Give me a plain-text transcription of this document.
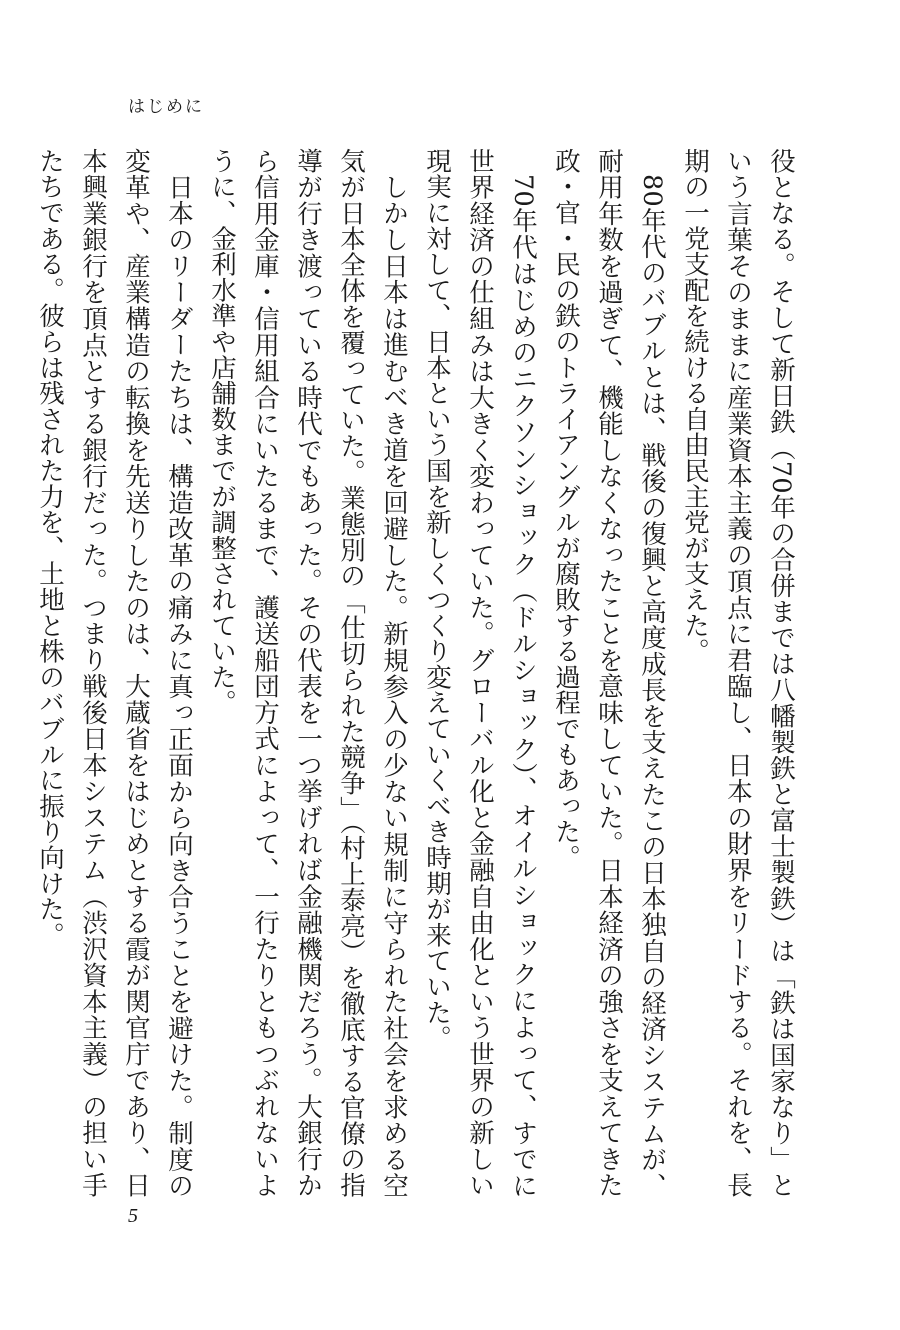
はじめに

役となる。そして新日鉄（70年の合併までは八幡製鉄と富士製鉄）は「鉄は国家なり」という言葉そのままに産業資本主義の頂点に君臨し、日本の財界をリードする。それを、長期の一党支配を続ける自由民主党が支えた。

80年代のバブルとは、戦後の復興と高度成長を支えたこの日本独自の経済システムが、耐用年数を過ぎて、機能しなくなったことを意味していた。日本経済の強さを支えてきた政・官・民の鉄のトライアングルが腐敗する過程でもあった。

70年代はじめのニクソンショック（ドルショック）、オイルショックによって、すでに世界経済の仕組みは大きく変わっていた。グローバル化と金融自由化という世界の新しい現実に対して、日本という国を新しくつくり変えていくべき時期が来ていた。

しかし日本は進むべき道を回避した。新規参入の少ない規制に守られた社会を求める空気が日本全体を覆っていた。業態別の「仕切られた競争」（村上泰亮）を徹底する官僚の指導が行き渡っている時代でもあった。その代表を一つ挙げれば金融機関だろう。大銀行から信用金庫・信用組合にいたるまで、護送船団方式によって、一行たりともつぶれないように、金利水準や店舗数までが調整されていた。

日本のリーダーたちは、構造改革の痛みに真っ正面から向き合うことを避けた。制度の変革や、産業構造の転換を先送りしたのは、大蔵省をはじめとする霞が関官庁であり、日本興業銀行を頂点とする銀行だった。つまり戦後日本システム（渋沢資本主義）の担い手たちである。彼らは残された力を、土地と株のバブルに振り向けた。

5
